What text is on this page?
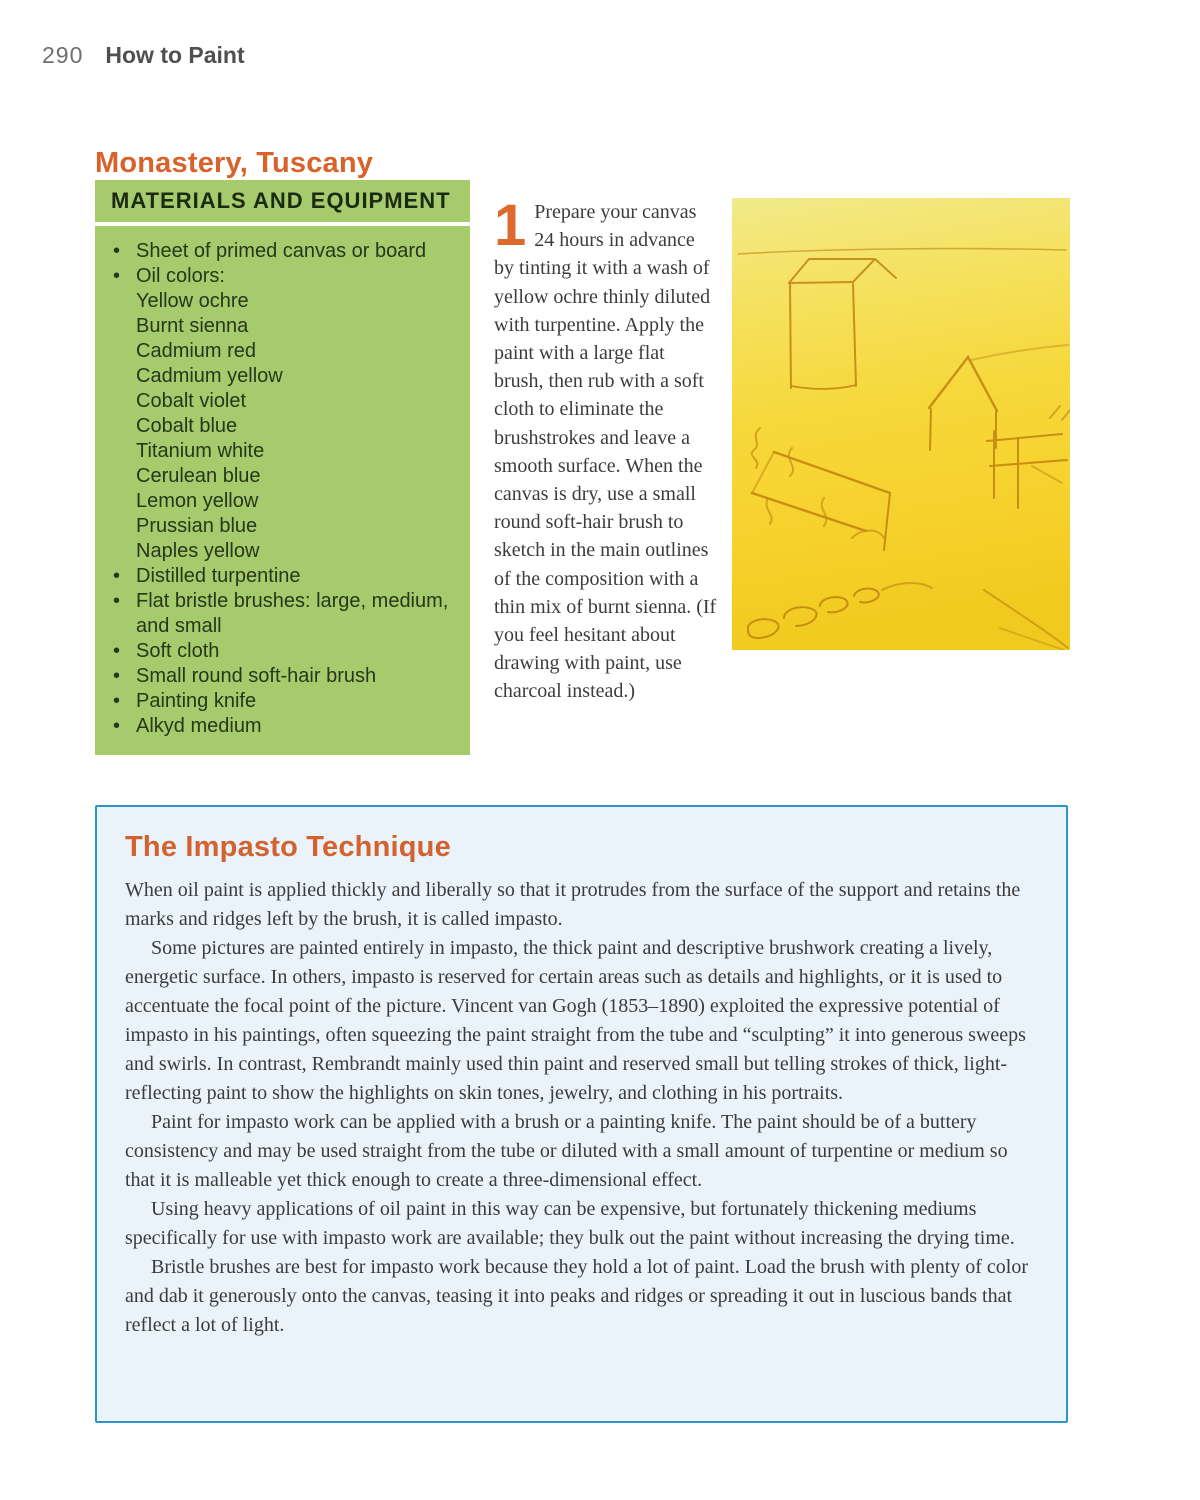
290 How to Paint
Monastery, Tuscany
MATERIALS AND EQUIPMENT
• Sheet of primed canvas or board
• Oil colors:
Yellow ochre
Burnt sienna
Cadmium red
Cadmium yellow
Cobalt violet
Cobalt blue
Titanium white
Cerulean blue
Lemon yellow
Prussian blue
Naples yellow
• Distilled turpentine
• Flat bristle brushes: large, medium, and small
• Soft cloth
• Small round soft-hair brush
• Painting knife
• Alkyd medium
1 Prepare your canvas 24 hours in advance by tinting it with a wash of yellow ochre thinly diluted with turpentine. Apply the paint with a large flat brush, then rub with a soft cloth to eliminate the brushstrokes and leave a smooth surface. When the canvas is dry, use a small round soft-hair brush to sketch in the main outlines of the composition with a thin mix of burnt sienna. (If you feel hesitant about drawing with paint, use charcoal instead.)

The Impasto Technique

When oil paint is applied thickly and liberally so that it protrudes from the surface of the support and retains the marks and ridges left by the brush, it is called impasto.

Some pictures are painted entirely in impasto, the thick paint and descriptive brushwork creating a lively, energetic surface. In others, impasto is reserved for certain areas such as details and highlights, or it is used to accentuate the focal point of the picture. Vincent van Gogh (1853–1890) exploited the expressive potential of impasto in his paintings, often squeezing the paint straight from the tube and “sculpting” it into generous sweeps and swirls. In contrast, Rembrandt mainly used thin paint and reserved small but telling strokes of thick, light-reflecting paint to show the highlights on skin tones, jewelry, and clothing in his portraits.

Paint for impasto work can be applied with a brush or a painting knife. The paint should be of a buttery consistency and may be used straight from the tube or diluted with a small amount of turpentine or medium so that it is malleable yet thick enough to create a three-dimensional effect.

Using heavy applications of oil paint in this way can be expensive, but fortunately thickening mediums specifically for use with impasto work are available; they bulk out the paint without increasing the drying time.

Bristle brushes are best for impasto work because they hold a lot of paint. Load the brush with plenty of color and dab it generously onto the canvas, teasing it into peaks and ridges or spreading it out in luscious bands that reflect a lot of light.
